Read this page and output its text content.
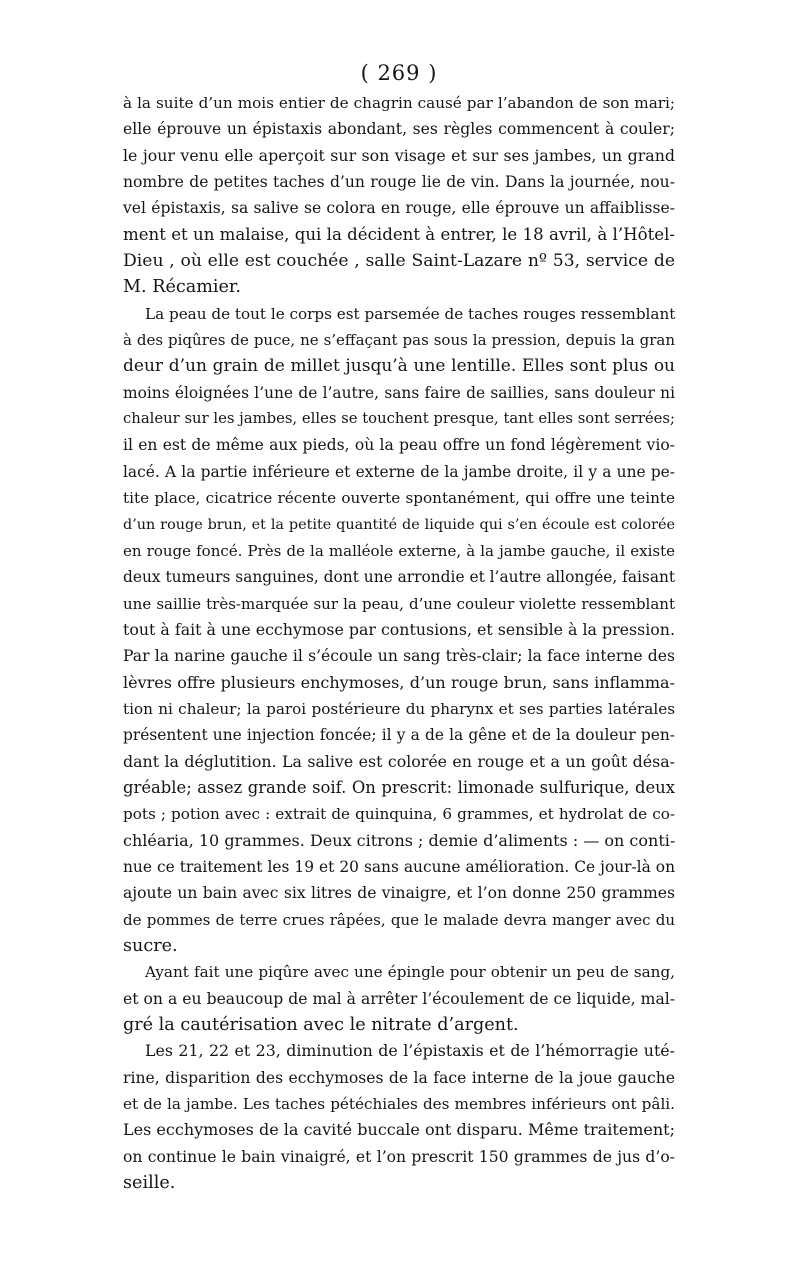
( 269 )
à la suite d’un mois entier de chagrin causé par l’abandon de son mari;
elle éprouve un épistaxis abondant, ses règles commencent à couler;
le jour venu elle aperçoit sur son visage et sur ses jambes, un grand
nombre de petites taches d’un rouge lie de vin. Dans la journée, nou-
vel épistaxis, sa salive se colora en rouge, elle éprouve un affaiblisse-
ment et un malaise, qui la décident à entrer, le 18 avril, à l’Hôtel-
Dieu , où elle est couchée , salle Saint-Lazare nº 53, service de
M. Récamier.
La peau de tout le corps est parsemée de taches rouges ressemblant
à des piqûres de puce, ne s’effaçant pas sous la pression, depuis la gran
deur d’un grain de millet jusqu’à une lentille. Elles sont plus ou
moins éloignées l’une de l’autre, sans faire de saillies, sans douleur ni
chaleur sur les jambes, elles se touchent presque, tant elles sont serrées;
il en est de même aux pieds, où la peau offre un fond légèrement vio-
lacé. A la partie inférieure et externe de la jambe droite, il y a une pe-
tite place, cicatrice récente ouverte spontanément, qui offre une teinte
d’un rouge brun, et la petite quantité de liquide qui s’en écoule est colorée
en rouge foncé. Près de la malléole externe, à la jambe gauche, il existe
deux tumeurs sanguines, dont une arrondie et l’autre allongée, faisant
une saillie très-marquée sur la peau, d’une couleur violette ressemblant
tout à fait à une ecchymose par contusions, et sensible à la pression.
Par la narine gauche il s’écoule un sang très-clair; la face interne des
lèvres offre plusieurs enchymoses, d’un rouge brun, sans inflamma-
tion ni chaleur; la paroi postérieure du pharynx et ses parties latérales
présentent une injection foncée; il y a de la gêne et de la douleur pen-
dant la déglutition. La salive est colorée en rouge et a un goût désa-
gréable; assez grande soif. On prescrit: limonade sulfurique, deux
pots ; potion avec : extrait de quinquina, 6 grammes, et hydrolat de co-
chléaria, 10 grammes. Deux citrons ; demie d’aliments : — on conti-
nue ce traitement les 19 et 20 sans aucune amélioration. Ce jour-là on
ajoute un bain avec six litres de vinaigre, et l’on donne 250 grammes
de pommes de terre crues râpées, que le malade devra manger avec du
sucre.
Ayant fait une piqûre avec une épingle pour obtenir un peu de sang,
et on a eu beaucoup de mal à arrêter l’écoulement de ce liquide, mal-
gré la cautérisation avec le nitrate d’argent.
Les 21, 22 et 23, diminution de l’épistaxis et de l’hémorragie uté-
rine, disparition des ecchymoses de la face interne de la joue gauche
et de la jambe. Les taches pétéchiales des membres inférieurs ont pâli.
Les ecchymoses de la cavité buccale ont disparu. Même traitement;
on continue le bain vinaigré, et l’on prescrit 150 grammes de jus d’o-
seille.
